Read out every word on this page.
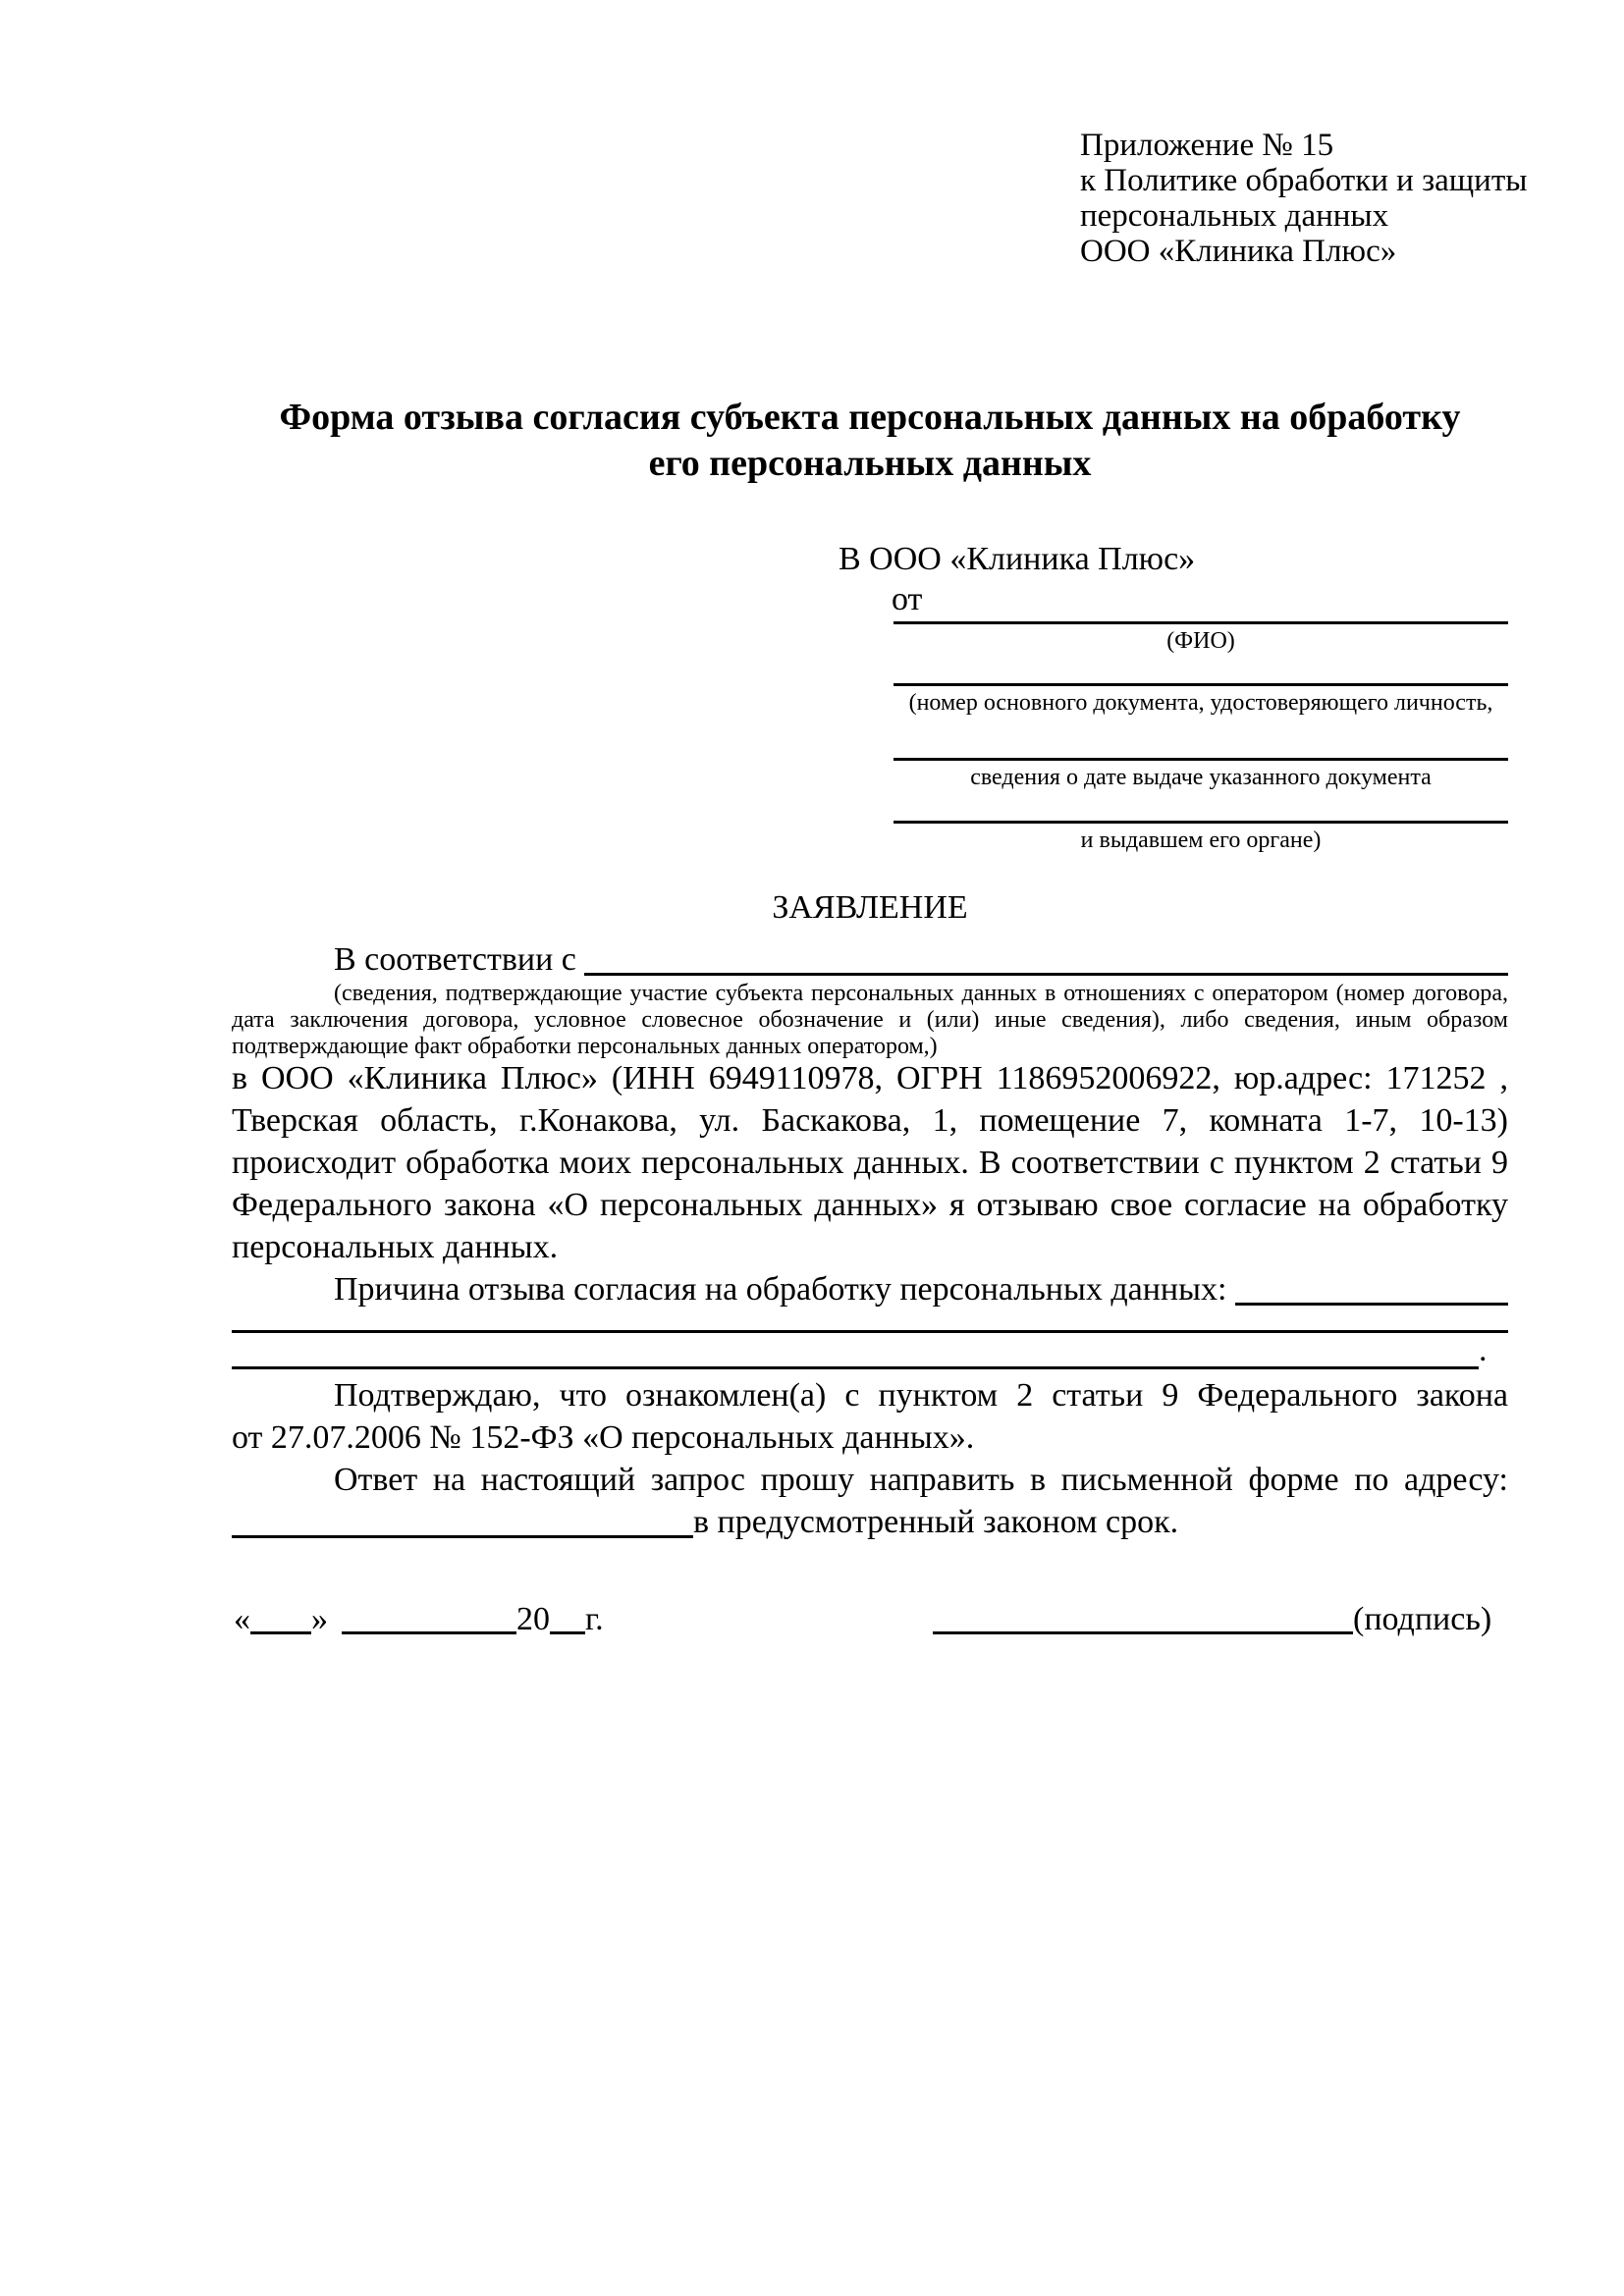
Приложение № 15
к Политике обработки и защиты
персональных данных
ООО «Клиника Плюс»
Форма отзыва согласия субъекта персональных данных на обработку
его персональных данных
В ООО «Клиника Плюс»
от
(ФИО)
(номер основного документа, удостоверяющего личность,
сведения о дате выдаче указанного документа
и выдавшем его органе)
ЗАЯВЛЕНИЕ
В соответствии с
(сведения, подтверждающие участие субъекта персональных данных в отношениях с оператором (номер договора, дата заключения договора, условное словесное обозначение и (или) иные сведения), либо сведения, иным образом подтверждающие факт обработки персональных данных оператором,)
в ООО «Клиника Плюс» (ИНН 6949110978, ОГРН 1186952006922, юр.адрес: 171252 , Тверская область, г.Конакова, ул. Баскакова, 1, помещение 7, комната 1-7, 10-13) происходит обработка моих персональных данных. В соответствии с пунктом 2 статьи 9 Федерального закона «О персональных данных» я отзываю свое согласие на обработку персональных данных.
Причина отзыва согласия на обработку персональных данных:
.
Подтверждаю, что ознакомлен(а) с пунктом 2 статьи 9 Федерального закона
от 27.07.2006 № 152-ФЗ «О персональных данных».
Ответ на настоящий запрос прошу направить в письменной форме по адресу:
в предусмотренный законом срок.
« »	20 г.	(подпись)
